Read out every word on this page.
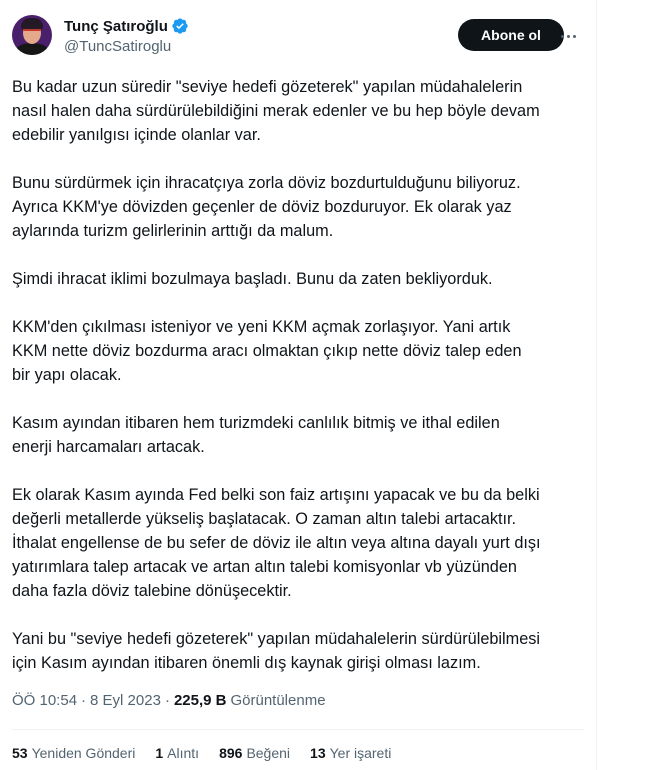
Tunç Şatıroğlu
@TuncSatiroglu
Abone ol

Bu kadar uzun süredir "seviye hedefi gözeterek" yapılan müdahalelerin
nasıl halen daha sürdürülebildiğini merak edenler ve bu hep böyle devam
edebilir yanılgısı içinde olanlar var.

Bunu sürdürmek için ihracatçıya zorla döviz bozdurtulduğunu biliyoruz.
Ayrıca KKM'ye dövizden geçenler de döviz bozduruyor. Ek olarak yaz
aylarında turizm gelirlerinin arttığı da malum.

Şimdi ihracat iklimi bozulmaya başladı. Bunu da zaten bekliyorduk.

KKM'den çıkılması isteniyor ve yeni KKM açmak zorlaşıyor. Yani artık
KKM nette döviz bozdurma aracı olmaktan çıkıp nette döviz talep eden
bir yapı olacak.

Kasım ayından itibaren hem turizmdeki canlılık bitmiş ve ithal edilen
enerji harcamaları artacak.

Ek olarak Kasım ayında Fed belki son faiz artışını yapacak ve bu da belki
değerli metallerde yükseliş başlatacak. O zaman altın talebi artacaktır.
İthalat engellense de bu sefer de döviz ile altın veya altına dayalı yurt dışı
yatırımlara talep artacak ve artan altın talebi komisyonlar vb yüzünden
daha fazla döviz talebine dönüşecektir.

Yani bu "seviye hedefi gözeterek" yapılan müdahalelerin sürdürülebilmesi
için Kasım ayından itibaren önemli dış kaynak girişi olması lazım.

ÖÖ 10:54 · 8 Eyl 2023 · 225,9 B Görüntülenme
53 Yeniden Gönderi 1 Alıntı 896 Beğeni 13 Yer işareti
